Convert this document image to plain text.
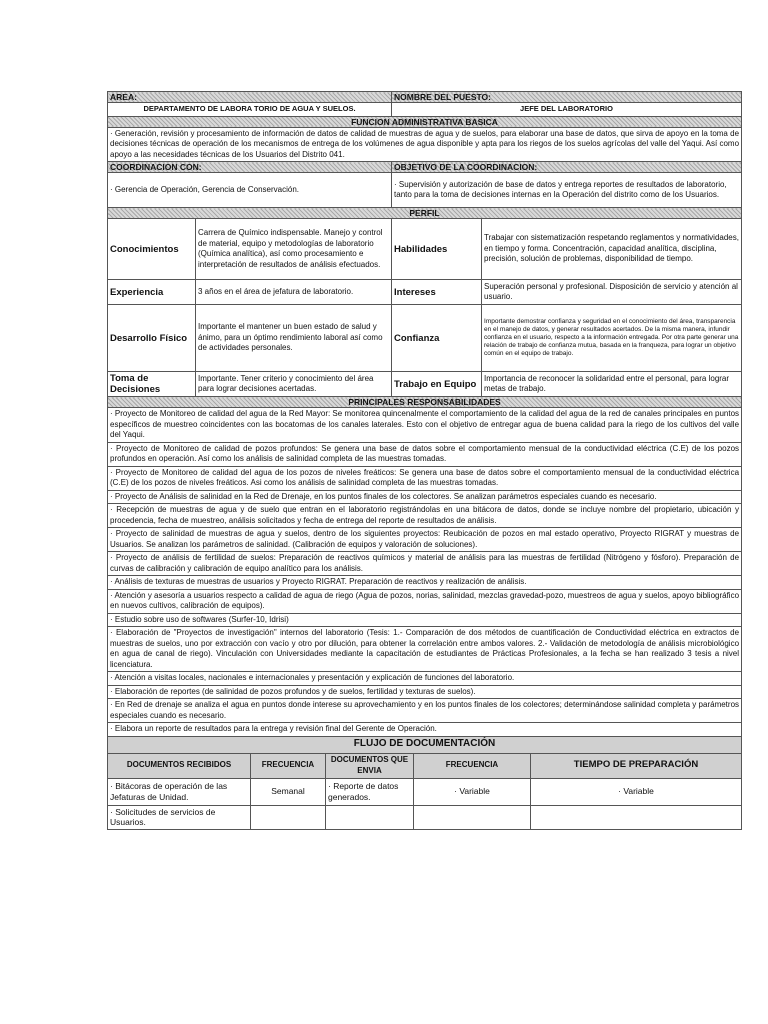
AREA:		NOMBRE DEL PUESTO:	
DEPARTAMENTO DE LABORA TORIO DE AGUA Y SUELOS.		JEFE DEL LABORATORIO	
FUNCION ADMINISTRATIVA BASICA			
· Generación, revisión y procesamiento de información de datos de calidad de muestras de agua y de suelos, para elaborar una base de datos, que sirva de apoyo en la toma de decisiones técnicas de operación de los mecanismos de entrega de los volúmenes de agua disponible y apta para los riegos de los suelos agrícolas del valle del Yaqui. Así como apoyo a las necesidades técnicas de los Usuarios del Distrito 041.			
COORDINACION CON:		OBJETIVO DE LA COORDINACION:	
· Gerencia de Operación, Gerencia de Conservación.		· Supervisión y autorización de base de datos y entrega reportes de resultados de laboratorio, tanto para la toma de decisiones internas en la Operación del distrito como de los Usuarios.	
PERFIL			
Conocimientos	Carrera de Químico indispensable. Manejo y control de material, equipo y metodologías de laboratorio (Química analítica), así como procesamiento e interpretación de resultados de análisis efectuados.	Habilidades	Trabajar con sistematización respetando reglamentos y normatividades, en tiempo y forma. Concentración, capacidad analítica, disciplina, precisión, solución de problemas, disponibilidad de tiempo.
Experiencia	3 años en el área de jefatura de laboratorio.	Intereses	Superación personal y profesional. Disposición de servicio y atención al usuario.
Desarrollo Físico	Importante el mantener un buen estado de salud y ánimo, para un óptimo rendimiento laboral así como de actividades personales.	Confianza	Importante demostrar confianza y seguridad en el conocimiento del área, transparencia en el manejo de datos, y generar resultados acertados. De la misma manera, infundir confianza en el usuario, respecto a la información entregada. Por otra parte generar una relación de trabajo de confianza mutua, basada en la franqueza, para lograr un objetivo común en el equipo de trabajo.
Toma de Decisiones	Importante. Tener criterio y conocimiento del área para lograr decisiones acertadas.	Trabajo en Equipo	Importancia de reconocer la solidaridad entre el personal, para lograr metas de trabajo.
PRINCIPALES RESPONSABILIDADES			
· Proyecto de Monitoreo de calidad del agua de la Red Mayor: Se monitorea quincenalmente el comportamiento de la calidad del agua de la red de canales principales en puntos específicos de muestreo coincidentes con las bocatomas de los canales laterales. Esto con el objetivo de entregar agua de buena calidad para la riego de los cultivos del valle del Yaqui.			
· Proyecto de Monitoreo de calidad de pozos profundos: Se genera una base de datos sobre el comportamiento mensual de la conductividad eléctrica (C.E) de los pozos profundos en operación. Así como los análisis de salinidad completa de las muestras tomadas.			
· Proyecto de Monitoreo de calidad del agua de los pozos de niveles freáticos: Se genera una base de datos sobre el comportamiento mensual de la conductividad eléctrica (C.E) de los pozos de niveles freáticos. Asi como los análisis de salinidad completa de las muestras tomadas.			
· Proyecto de Análisis de salinidad en la Red de Drenaje, en los puntos finales de los colectores. Se analizan parámetros especiales cuando es necesario.			
· Recepción de muestras de agua y de suelo que entran en el laboratorio registrándolas en una bitácora de datos, donde se incluye nombre del propietario, ubicación y procedencia, fecha de muestreo, análisis solicitados y fecha de entrega del reporte de resultados de análisis.			
· Proyecto de salinidad de muestras de agua y suelos, dentro de los siguientes proyectos: Reubicación de pozos en mal estado operativo, Proyecto RIGRAT y muestras de Usuarios. Se analizan los parámetros de salinidad. (Calibración de equipos y valoración de soluciones).			
· Proyecto de análisis de fertilidad de suelos: Preparación de reactivos químicos y material de análisis para las muestras de fertilidad (Nitrógeno y fósforo). Preparación de curvas de calibración y calibración de equipo analítico para los análisis.			
· Análisis de texturas de muestras de usuarios y Proyecto RIGRAT. Preparación de reactivos y realización de análisis.			
· Atención y asesoría a usuarios respecto a calidad de agua de riego (Agua de pozos, norias, salinidad, mezclas gravedad-pozo, muestreos de agua y suelos, apoyo bibliográfico en nuevos cultivos, calibración de equipos).			
· Estudio sobre uso de softwares (Surfer-10, Idrisi)			
· Elaboración de "Proyectos de investigación" internos del laboratorio (Tesis: 1.- Comparación de dos métodos de cuantificación de Conductividad eléctrica en extractos de muestras de suelos, uno por extracción con vacío y otro por dilución, para obtener la correlación entre ambos valores. 2.- Validación de metodología de análisis microbiológico en agua de canal de riego). Vinculación con Universidades mediante la capacitación de estudiantes de Prácticas Profesionales, a la fecha se han realizado 3 tesis a nivel licenciatura.			
· Atención a visitas locales, nacionales e internacionales y presentación y explicación de funciones del laboratorio.			
· Elaboración de reportes (de salinidad de pozos profundos y de suelos, fertilidad y texturas de suelos).			
· En Red de drenaje se analiza el agua en puntos donde interese su aprovechamiento y en los puntos finales de los colectores; determinándose salinidad completa y parámetros especiales cuando es necesario.			
· Elabora un reporte de resultados para la entrega y revisión final del Gerente de Operación.			
FLUJO DE DOCUMENTACIÓN				
DOCUMENTOS RECIBIDOS	FRECUENCIA	DOCUMENTOS QUE ENVIA	FRECUENCIA	TIEMPO DE PREPARACIÓN
· Bitácoras de operación de las Jefaturas de Unidad.	Semanal	· Reporte de datos generados.	· Variable	· Variable
· Solicitudes de servicios de Usuarios.				
